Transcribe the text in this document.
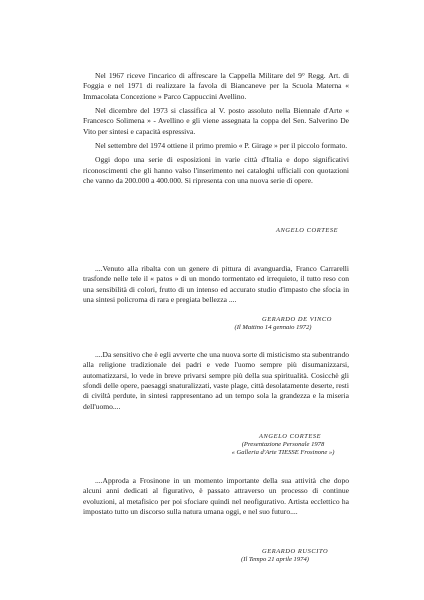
Nel 1967 riceve l'incarico di affrescare la Cappella Militare del 9° Regg. Art. di Foggia e nel 1971 di realizzare la favola di Biancaneve per la Scuola Materna « Immacolata Concezione » Parco Cappuccini Avellino.

Nel dicembre del 1973 si classifica al V. posto assoluto nella Biennale d'Arte « Francesco Solimena » - Avellino e gli viene assegnata la coppa del Sen. Salverino De Vito per sintesi e capacità espressiva.

Nel settembre del 1974 ottiene il primo premio « P. Girage » per il piccolo formato.

Oggi dopo una serie di esposizioni in varie città d'Italia e dopo significativi riconoscimenti che gli hanno valso l'inserimento nei cataloghi ufficiali con quotazioni che vanno da 200.000 a 400.000. Si ripresenta con una nuova serie di opere.

ANGELO CORTESE

....Venuto alla ribalta con un genere di pittura di avanguardia, Franco Carrarelli trasfonde nelle tele il « patos » di un mondo tormentato ed irrequieto, il tutto reso con una sensibilità di colori, frutto di un intenso ed accurato studio d'impasto che sfocia in una sintesi policroma di rara e pregiata bellezza ....

GERARDO DE VINCO
(Il Mattino 14 gennaio 1972)

....Da sensitivo che è egli avverte che una nuova sorte di misticismo sta subentrando alla religione tradizionale dei padri e vede l'uomo sempre più disumanizzarsi, automatizzarsi, lo vede in breve privarsi sempre più della sua spiritualità. Cosicchè gli sfondi delle opere, paesaggi snaturalizzati, vaste plage, città desolatamente deserte, resti di civiltà perdute, in sintesi rappresentano ad un tempo sola la grandezza e la miseria dell'uomo....

ANGELO CORTESE
(Presentazione Personale 1978
« Galleria d'Arte TIESSE Frosinone »)

....Approda a Frosinone in un momento importante della sua attività che dopo alcuni anni dedicati al figurativo, è passato attraverso un processo di continue evoluzioni, al metafisico per poi sfociare quindi nel neofigurativo. Artista ecclettico ha impostato tutto un discorso sulla natura umana oggi, e nel suo futuro....

GERARDO RUSCITO
(Il Tempo 21 aprile 1974)
